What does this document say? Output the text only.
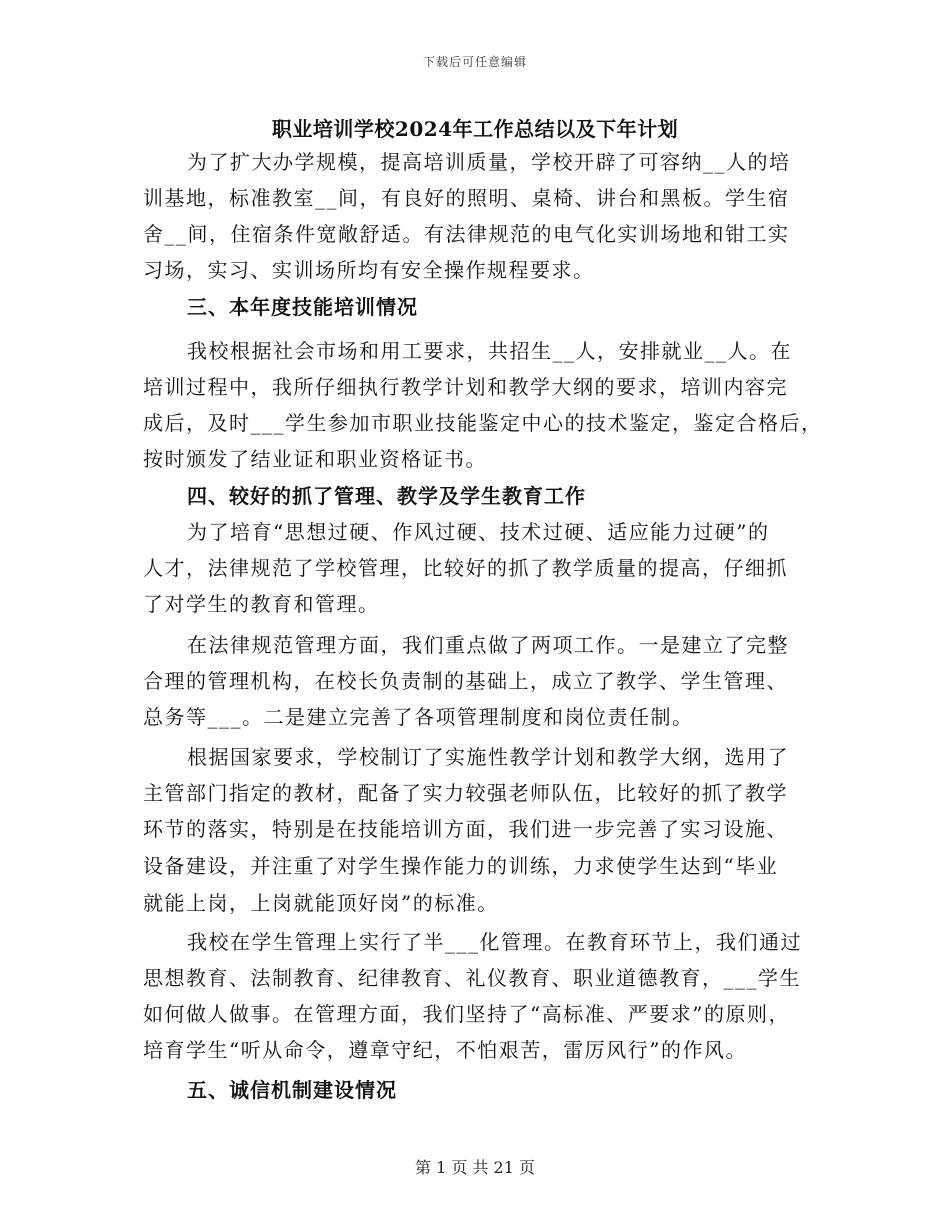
下载后可任意编辑
职业培训学校2024年工作总结以及下年计划
为了扩大办学规模，提高培训质量，学校开辟了可容纳__人的培
训基地，标准教室__间，有良好的照明、桌椅、讲台和黑板。学生宿
舍__间，住宿条件宽敞舒适。有法律规范的电气化实训场地和钳工实
习场，实习、实训场所均有安全操作规程要求。
三、本年度技能培训情况
我校根据社会市场和用工要求，共招生__人，安排就业__人。在
培训过程中，我所仔细执行教学计划和教学大纲的要求，培训内容完
成后，及时___学生参加市职业技能鉴定中心的技术鉴定，鉴定合格后，
按时颁发了结业证和职业资格证书。
四、较好的抓了管理、教学及学生教育工作
为了培育“思想过硬、作风过硬、技术过硬、适应能力过硬”的
人才，法律规范了学校管理，比较好的抓了教学质量的提高，仔细抓
了对学生的教育和管理。
在法律规范管理方面，我们重点做了两项工作。一是建立了完整
合理的管理机构，在校长负责制的基础上，成立了教学、学生管理、
总务等___。二是建立完善了各项管理制度和岗位责任制。
根据国家要求，学校制订了实施性教学计划和教学大纲，选用了
主管部门指定的教材，配备了实力较强老师队伍，比较好的抓了教学
环节的落实，特别是在技能培训方面，我们进一步完善了实习设施、
设备建设，并注重了对学生操作能力的训练，力求使学生达到“毕业
就能上岗，上岗就能顶好岗”的标准。
我校在学生管理上实行了半___化管理。在教育环节上，我们通过
思想教育、法制教育、纪律教育、礼仪教育、职业道德教育，___学生
如何做人做事。在管理方面，我们坚持了“高标准、严要求”的原则，
培育学生“听从命令，遵章守纪，不怕艰苦，雷厉风行”的作风。
五、诚信机制建设情况
第 1 页 共 21 页
